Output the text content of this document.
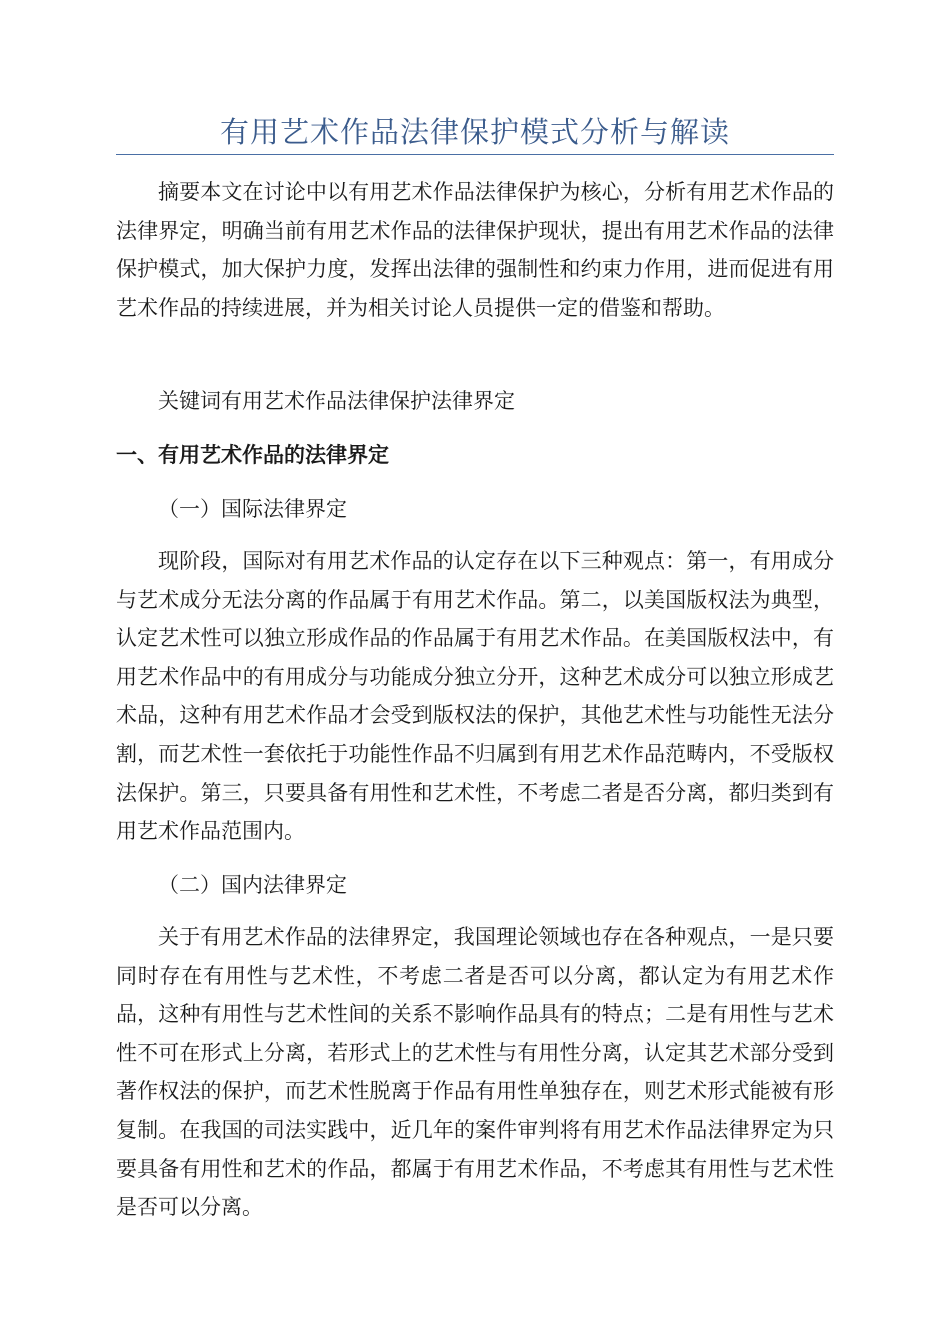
有用艺术作品法律保护模式分析与解读

摘要本文在讨论中以有用艺术作品法律保护为核心，分析有用艺术作品的法律界定，明确当前有用艺术作品的法律保护现状，提出有用艺术作品的法律保护模式，加大保护力度，发挥出法律的强制性和约束力作用，进而促进有用艺术作品的持续进展，并为相关讨论人员提供一定的借鉴和帮助。

关键词有用艺术作品法律保护法律界定

一、有用艺术作品的法律界定
（一）国际法律界定

现阶段，国际对有用艺术作品的认定存在以下三种观点：第一，有用成分与艺术成分无法分离的作品属于有用艺术作品。第二，以美国版权法为典型，认定艺术性可以独立形成作品的作品属于有用艺术作品。在美国版权法中，有用艺术作品中的有用成分与功能成分独立分开，这种艺术成分可以独立形成艺术品，这种有用艺术作品才会受到版权法的保护，其他艺术性与功能性无法分割，而艺术性一套依托于功能性作品不归属到有用艺术作品范畴内，不受版权法保护。第三，只要具备有用性和艺术性，不考虑二者是否分离，都归类到有用艺术作品范围内。

（二）国内法律界定

关于有用艺术作品的法律界定，我国理论领域也存在各种观点，一是只要同时存在有用性与艺术性，不考虑二者是否可以分离，都认定为有用艺术作品，这种有用性与艺术性间的关系不影响作品具有的特点；二是有用性与艺术性不可在形式上分离，若形式上的艺术性与有用性分离，认定其艺术部分受到著作权法的保护，而艺术性脱离于作品有用性单独存在，则艺术形式能被有形复制。在我国的司法实践中，近几年的案件审判将有用艺术作品法律界定为只要具备有用性和艺术的作品，都属于有用艺术作品，不考虑其有用性与艺术性是否可以分离。
